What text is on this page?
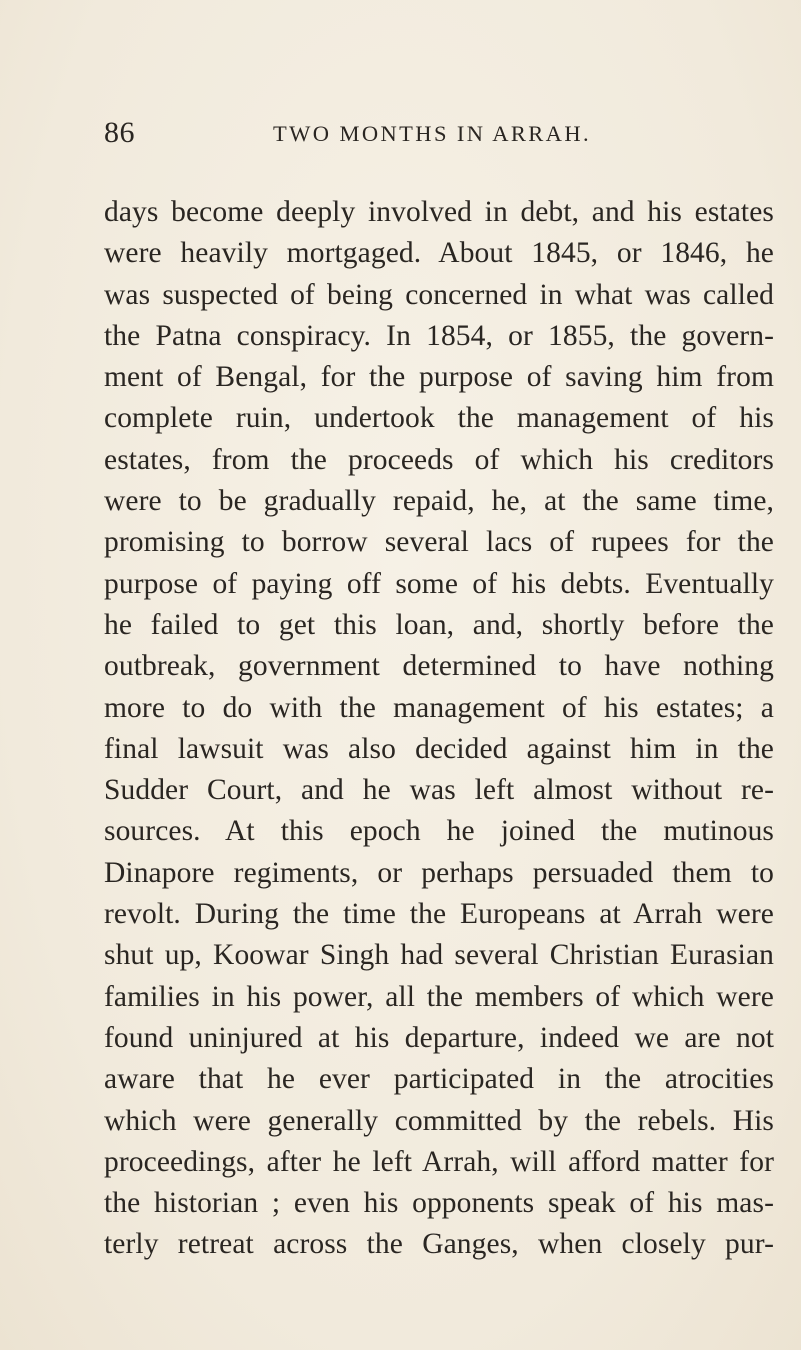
86	TWO MONTHS IN ARRAH.
days become deeply involved in debt, and his estates
were heavily mortgaged. About 1845, or 1846, he
was suspected of being concerned in what was called
the Patna conspiracy. In 1854, or 1855, the govern-
ment of Bengal, for the purpose of saving him from
complete ruin, undertook the management of his
estates, from the proceeds of which his creditors
were to be gradually repaid, he, at the same time,
promising to borrow several lacs of rupees for the
purpose of paying off some of his debts. Eventually
he failed to get this loan, and, shortly before the
outbreak, government determined to have nothing
more to do with the management of his estates; a
final lawsuit was also decided against him in the
Sudder Court, and he was left almost without re-
sources. At this epoch he joined the mutinous
Dinapore regiments, or perhaps persuaded them to
revolt. During the time the Europeans at Arrah were
shut up, Koowar Singh had several Christian Eurasian
families in his power, all the members of which were
found uninjured at his departure, indeed we are not
aware that he ever participated in the atrocities
which were generally committed by the rebels. His
proceedings, after he left Arrah, will afford matter for
the historian ; even his opponents speak of his mas-
terly retreat across the Ganges, when closely pur-
